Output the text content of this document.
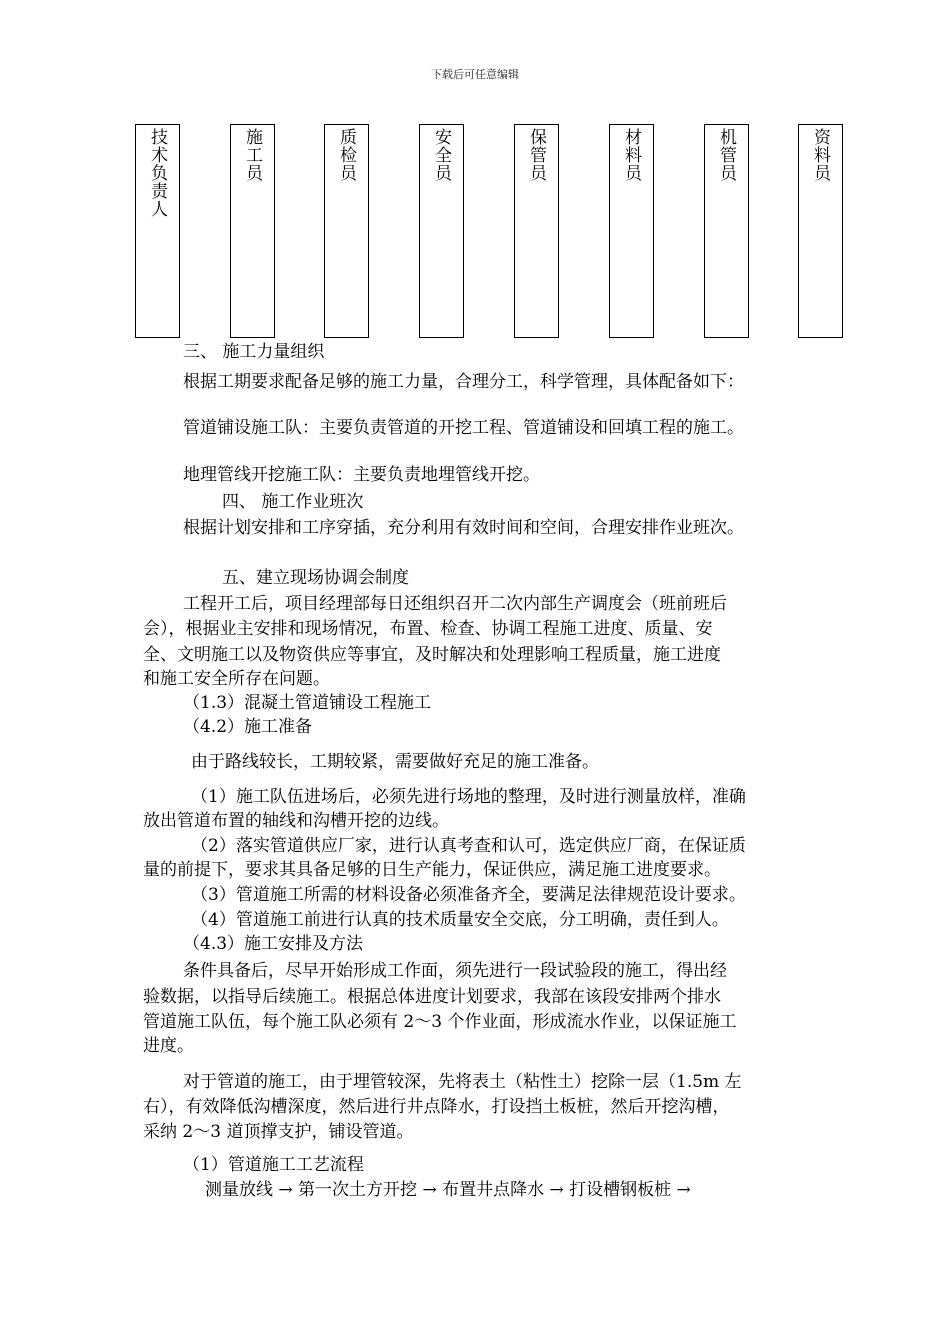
下载后可任意编辑
技术负责人	施工员	质检员	安全员	保管员	材料员	机管员	资料员
三、 施工力量组织
根据工期要求配备足够的施工力量，合理分工，科学管理，具体配备如下：
管道铺设施工队：主要负责管道的开挖工程、管道铺设和回填工程的施工。
地理管线开挖施工队：主要负责地埋管线开挖。
四、 施工作业班次
根据计划安排和工序穿插，充分利用有效时间和空间，合理安排作业班次。
五、建立现场协调会制度
工程开工后，项目经理部每日还组织召开二次内部生产调度会（班前班后
会），根据业主安排和现场情况，布置、检查、协调工程施工进度、质量、安
全、文明施工以及物资供应等事宜，及时解决和处理影响工程质量，施工进度
和施工安全所存在问题。
（1.3）混凝土管道铺设工程施工
（4.2）施工准备
由于路线较长，工期较紧，需要做好充足的施工准备。
（1）施工队伍进场后，必须先进行场地的整理，及时进行测量放样，准确
放出管道布置的轴线和沟槽开挖的边线。
（2）落实管道供应厂家，进行认真考查和认可，选定供应厂商，在保证质
量的前提下，要求其具备足够的日生产能力，保证供应，满足施工进度要求。
（3）管道施工所需的材料设备必须准备齐全，要满足法律规范设计要求。
（4）管道施工前进行认真的技术质量安全交底，分工明确，责任到人。
（4.3）施工安排及方法
条件具备后，尽早开始形成工作面，须先进行一段试验段的施工，得出经
验数据，以指导后续施工。根据总体进度计划要求，我部在该段安排两个排水
管道施工队伍，每个施工队必须有 2～3 个作业面，形成流水作业，以保证施工
进度。
对于管道的施工，由于埋管较深，先将表土（粘性土）挖除一层（1.5m 左
右），有效降低沟槽深度，然后进行井点降水，打设挡土板桩，然后开挖沟槽，
采纳 2～3 道顶撑支护，铺设管道。
（1）管道施工工艺流程
测量放线 → 第一次土方开挖 → 布置井点降水 → 打设槽钢板桩 →
